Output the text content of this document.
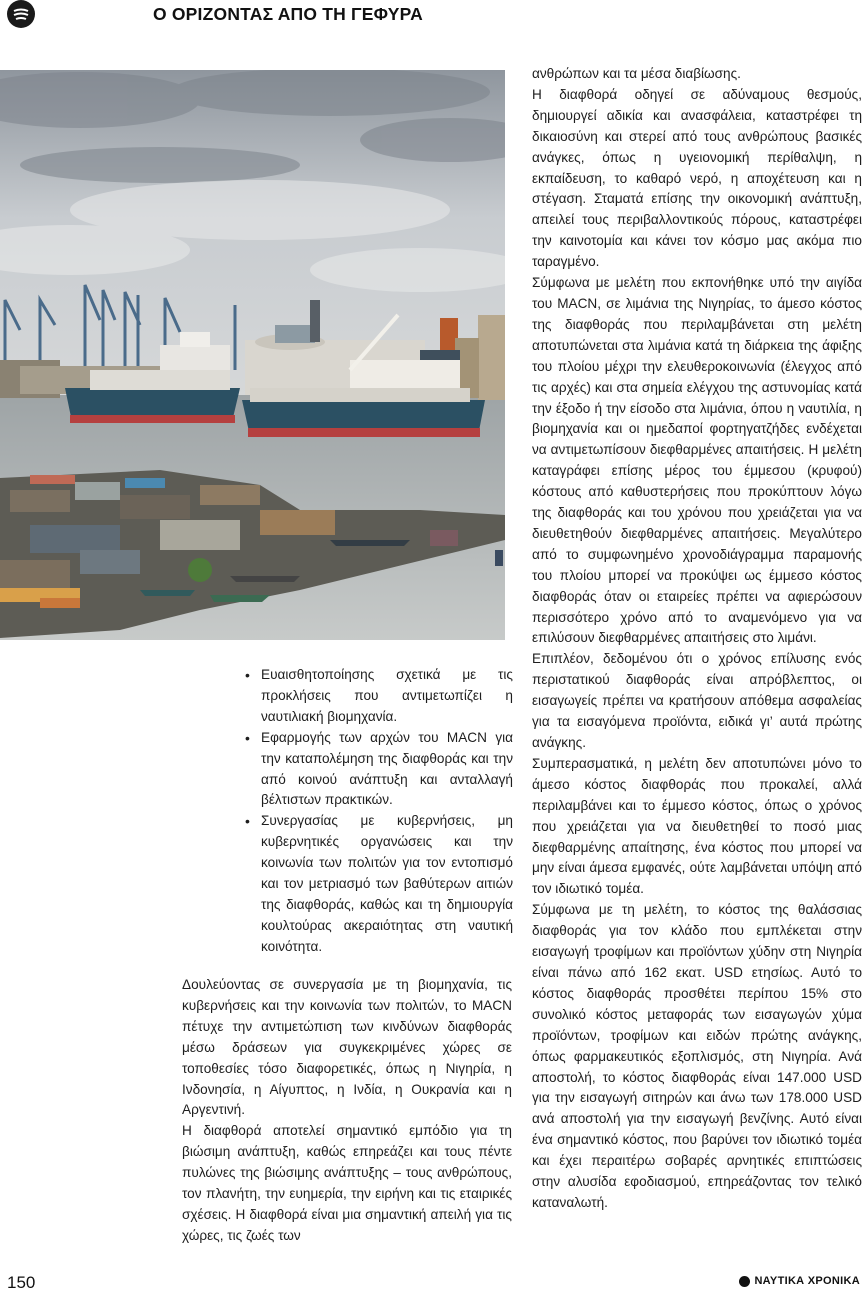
Ο ΟΡΙΖΟΝΤΑΣ ΑΠΟ ΤΗ ΓΕΦΥΡΑ
• Ευαισθητοποίησης σχετικά με τις προκλήσεις που αντιμετωπίζει η ναυτιλιακή βιομηχανία.
• Εφαρμογής των αρχών του MACN για την καταπολέμηση της διαφθοράς και την από κοινού ανάπτυξη και ανταλλαγή βέλτιστων πρακτικών.
• Συνεργασίας με κυβερνήσεις, μη κυβερνητικές οργανώσεις και την κοινωνία των πολιτών για τον εντοπισμό και τον μετριασμό των βαθύτερων αιτιών της διαφθοράς, καθώς και τη δημιουργία κουλτούρας ακεραιότητας στη ναυτική κοινότητα.

Δουλεύοντας σε συνεργασία με τη βιομηχανία, τις κυβερνήσεις και την κοινωνία των πολιτών, το MACN πέτυχε την αντιμετώπιση των κινδύνων διαφθοράς μέσω δράσεων για συγκεκριμένες χώρες σε τοποθεσίες τόσο διαφορετικές, όπως η Νιγηρία, η Ινδονησία, η Αίγυπτος, η Ινδία, η Ουκρανία και η Αργεντινή.

Η διαφθορά αποτελεί σημαντικό εμπόδιο για τη βιώσιμη ανάπτυξη, καθώς επηρεάζει και τους πέντε πυλώνες της βιώσιμης ανάπτυξης – τους ανθρώπους, τον πλανήτη, την ευημερία, την ειρήνη και τις εταιρικές σχέσεις. Η διαφθορά είναι μια σημαντική απειλή για τις χώρες, τις ζωές των

ανθρώπων και τα μέσα διαβίωσης.

Η διαφθορά οδηγεί σε αδύναμους θεσμούς, δημιουργεί αδικία και ανασφάλεια, καταστρέφει τη δικαιοσύνη και στερεί από τους ανθρώπους βασικές ανάγκες, όπως η υγειονομική περίθαλψη, η εκπαίδευση, το καθαρό νερό, η αποχέτευση και η στέγαση. Σταματά επίσης την οικονομική ανάπτυξη, απειλεί τους περιβαλλοντικούς πόρους, καταστρέφει την καινοτομία και κάνει τον κόσμο μας ακόμα πιο ταραγμένο.

Σύμφωνα με μελέτη που εκπονήθηκε υπό την αιγίδα του MACN, σε λιμάνια της Νιγηρίας, το άμεσο κόστος της διαφθοράς που περιλαμβάνεται στη μελέτη αποτυπώνεται στα λιμάνια κατά τη διάρκεια της άφιξης του πλοίου μέχρι την ελευθεροκοινωνία (έλεγχος από τις αρχές) και στα σημεία ελέγχου της αστυνομίας κατά την έξοδο ή την είσοδο στα λιμάνια, όπου η ναυτιλία, η βιομηχανία και οι ημεδαποί φορτηγατζήδες ενδέχεται να αντιμετωπίσουν διεφθαρμένες απαιτήσεις. Η μελέτη καταγράφει επίσης μέρος του έμμεσου (κρυφού) κόστους από καθυστερήσεις που προκύπτουν λόγω της διαφθοράς και του χρόνου που χρειάζεται για να διευθετηθούν διεφθαρμένες απαιτήσεις. Μεγαλύτερο από το συμφωνημένο χρονοδιάγραμμα παραμονής του πλοίου μπορεί να προκύψει ως έμμεσο κόστος διαφθοράς όταν οι εταιρείες πρέπει να αφιερώσουν περισσότερο χρόνο από το αναμενόμενο για να επιλύσουν διεφθαρμένες απαιτήσεις στο λιμάνι.

Επιπλέον, δεδομένου ότι ο χρόνος επίλυσης ενός περιστατικού διαφθοράς είναι απρόβλεπτος, οι εισαγωγείς πρέπει να κρατήσουν απόθεμα ασφαλείας για τα εισαγόμενα προϊόντα, ειδικά γι’ αυτά πρώτης ανάγκης.

Συμπερασματικά, η μελέτη δεν αποτυπώνει μόνο το άμεσο κόστος διαφθοράς που προκαλεί, αλλά περιλαμβάνει και το έμμεσο κόστος, όπως ο χρόνος που χρειάζεται για να διευθετηθεί το ποσό μιας διεφθαρμένης απαίτησης, ένα κόστος που μπορεί να μην είναι άμεσα εμφανές, ούτε λαμβάνεται υπόψη από τον ιδιωτικό τομέα.

Σύμφωνα με τη μελέτη, το κόστος της θαλάσσιας διαφθοράς για τον κλάδο που εμπλέκεται στην εισαγωγή τροφίμων και προϊόντων χύδην στη Νιγηρία είναι πάνω από 162 εκατ. USD ετησίως. Αυτό το κόστος διαφθοράς προσθέτει περίπου 15% στο συνολικό κόστος μεταφοράς των εισαγωγών χύμα προϊόντων, τροφίμων και ειδών πρώτης ανάγκης, όπως φαρμακευτικός εξοπλισμός, στη Νιγηρία. Ανά αποστολή, το κόστος διαφθοράς είναι 147.000 USD για την εισαγωγή σιτηρών και άνω των 178.000 USD ανά αποστολή για την εισαγωγή βενζίνης. Αυτό είναι ένα σημαντικό κόστος, που βαρύνει τον ιδιωτικό τομέα και έχει περαιτέρω σοβαρές αρνητικές επιπτώσεις στην αλυσίδα εφοδιασμού, επηρεάζοντας τον τελικό καταναλωτή.

150	ΝΑΥΤΙΚΑ ΧΡΟΝΙΚΑ
